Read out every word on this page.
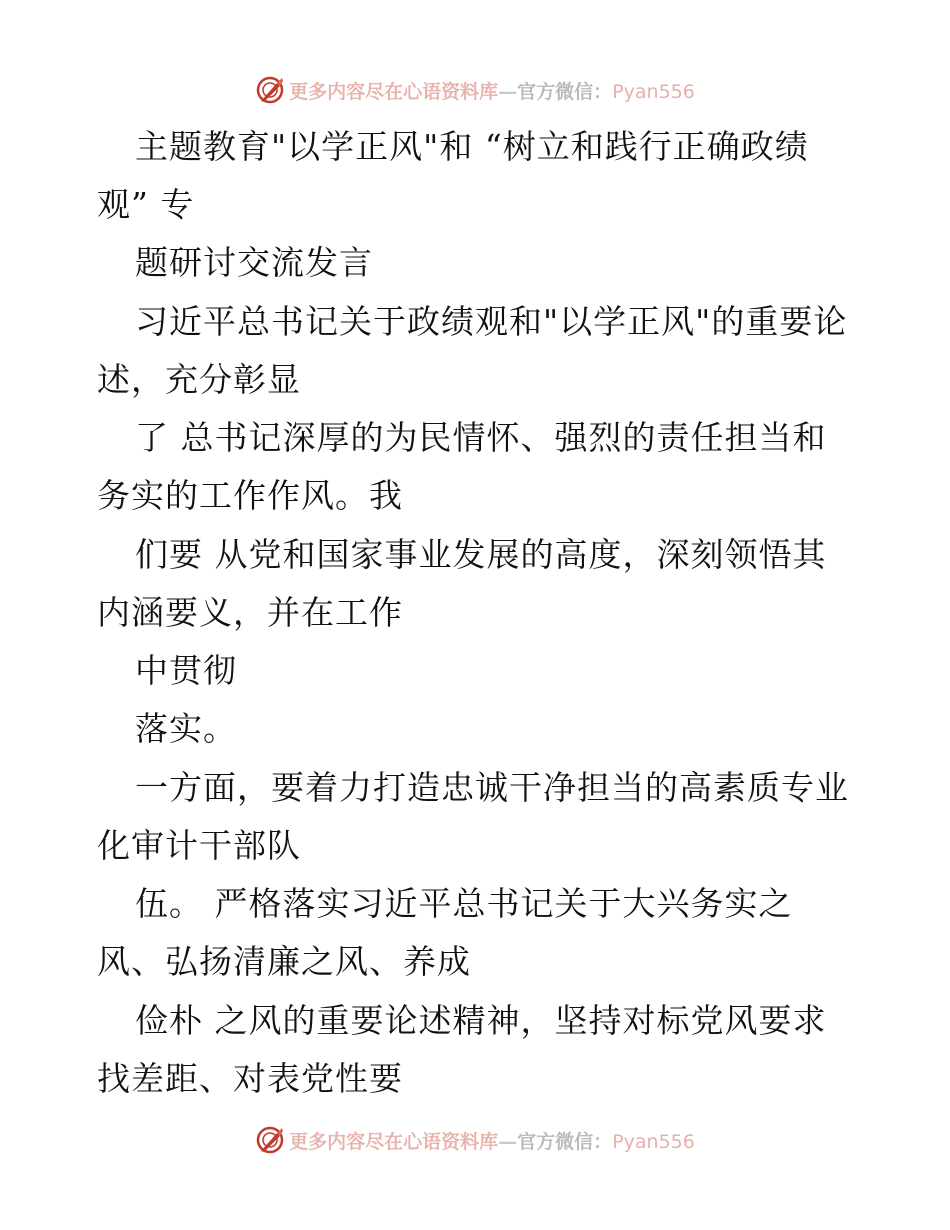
更多内容尽在心语资料库—官方微信：Pyan556
主题教育"以学正风"和 “树立和践行正确政绩
观” 专
题研讨交流发言
习近平总书记关于政绩观和"以学正风"的重要论
述，充分彰显
了 总书记深厚的为民情怀、强烈的责任担当和
务实的工作作风。我
们要 从党和国家事业发展的高度，深刻领悟其
内涵要义，并在工作
中贯彻
落实。
一方面，要着力打造忠诚干净担当的高素质专业
化审计干部队
伍。 严格落实习近平总书记关于大兴务实之
风、弘扬清廉之风、养成
俭朴 之风的重要论述精神，坚持对标党风要求
找差距、对表党性要
更多内容尽在心语资料库—官方微信：Pyan556
